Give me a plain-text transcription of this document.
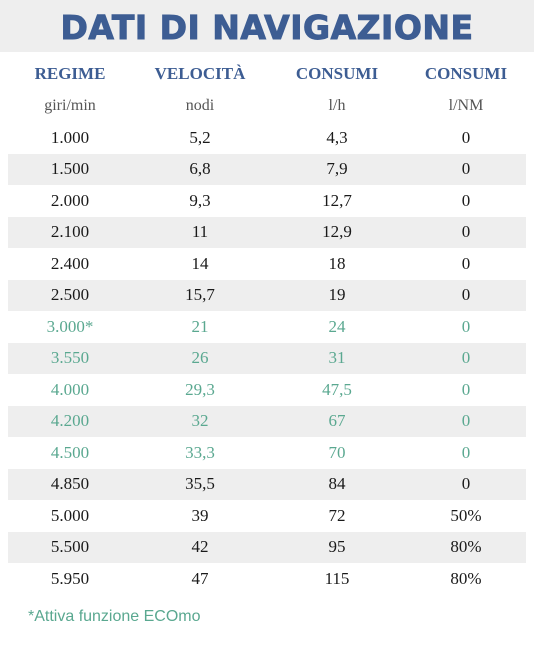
DATI DI NAVIGAZIONE
REGIME	VELOCITÀ	CONSUMI	CONSUMI
giri/min	nodi	l/h	l/NM
1.000	5,2	4,3	0
1.500	6,8	7,9	0
2.000	9,3	12,7	0
2.100	11	12,9	0
2.400	14	18	0
2.500	15,7	19	0
3.000*	21	24	0
3.550	26	31	0
4.000	29,3	47,5	0
4.200	32	67	0
4.500	33,3	70	0
4.850	35,5	84	0
5.000	39	72	50%
5.500	42	95	80%
5.950	47	115	80%
*Attiva funzione ECOmo
